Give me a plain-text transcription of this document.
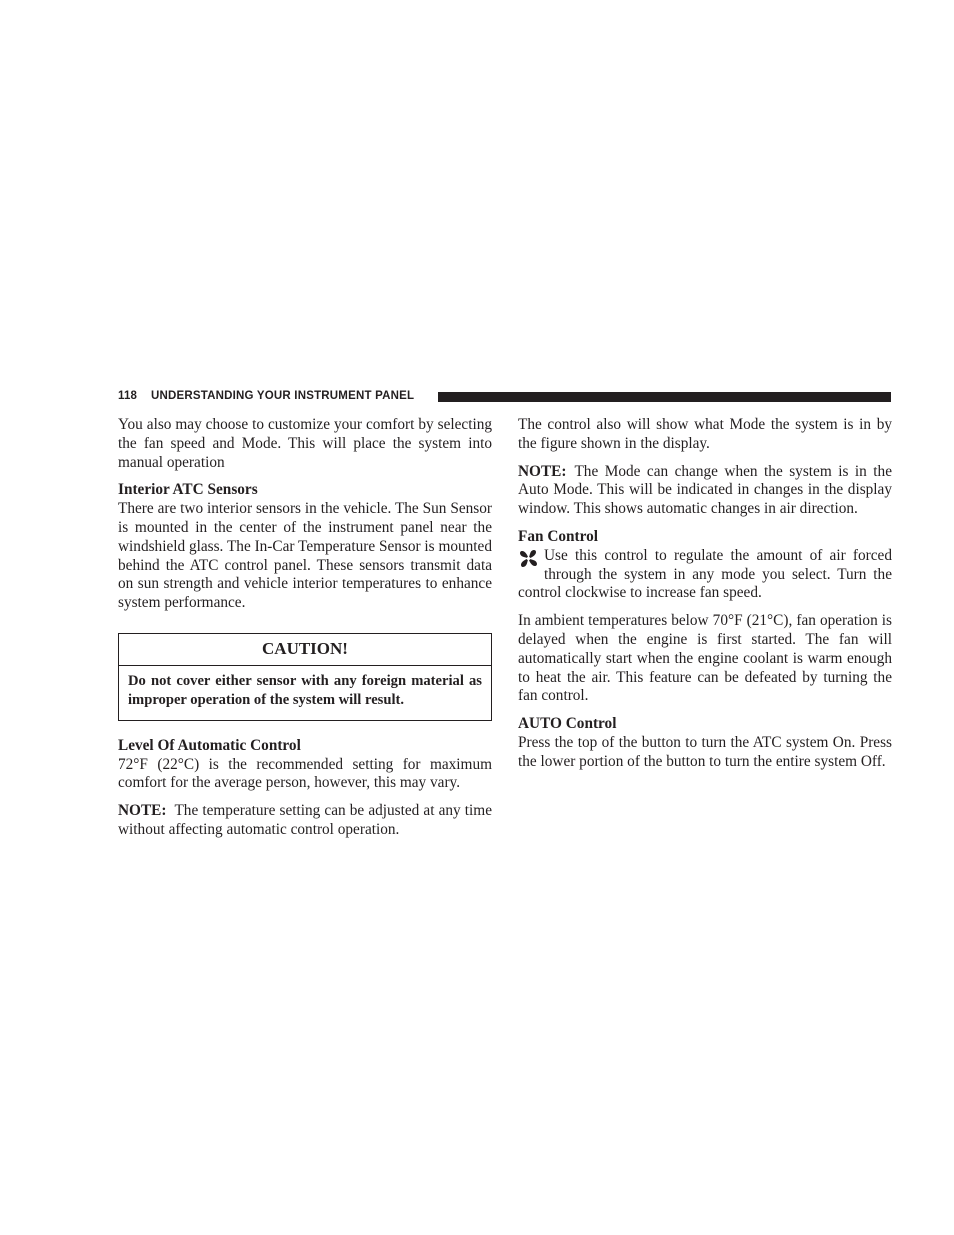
118 UNDERSTANDING YOUR INSTRUMENT PANEL

You also may choose to customize your comfort by selecting the fan speed and Mode. This will place the system into manual operation

Interior ATC Sensors

There are two interior sensors in the vehicle. The Sun Sensor is mounted in the center of the instrument panel near the windshield glass. The In-Car Temperature Sensor is mounted behind the ATC control panel. These sensors transmit data on sun strength and vehicle interior temperatures to enhance system performance.

CAUTION!
Do not cover either sensor with any foreign material as improper operation of the system will result.

Level Of Automatic Control

72°F (22°C) is the recommended setting for maximum comfort for the average person, however, this may vary.

NOTE: The temperature setting can be adjusted at any time without affecting automatic control operation.

The control also will show what Mode the system is in by the figure shown in the display.

NOTE: The Mode can change when the system is in the Auto Mode. This will be indicated in changes in the display window. This shows automatic changes in air direction.

Fan Control

Use this control to regulate the amount of air forced through the system in any mode you select. Turn the control clockwise to increase fan speed.

In ambient temperatures below 70°F (21°C), fan operation is delayed when the engine is first started. The fan will automatically start when the engine coolant is warm enough to heat the air. This feature can be defeated by turning the fan control.

AUTO Control

Press the top of the button to turn the ATC system On. Press the lower portion of the button to turn the entire system Off.
